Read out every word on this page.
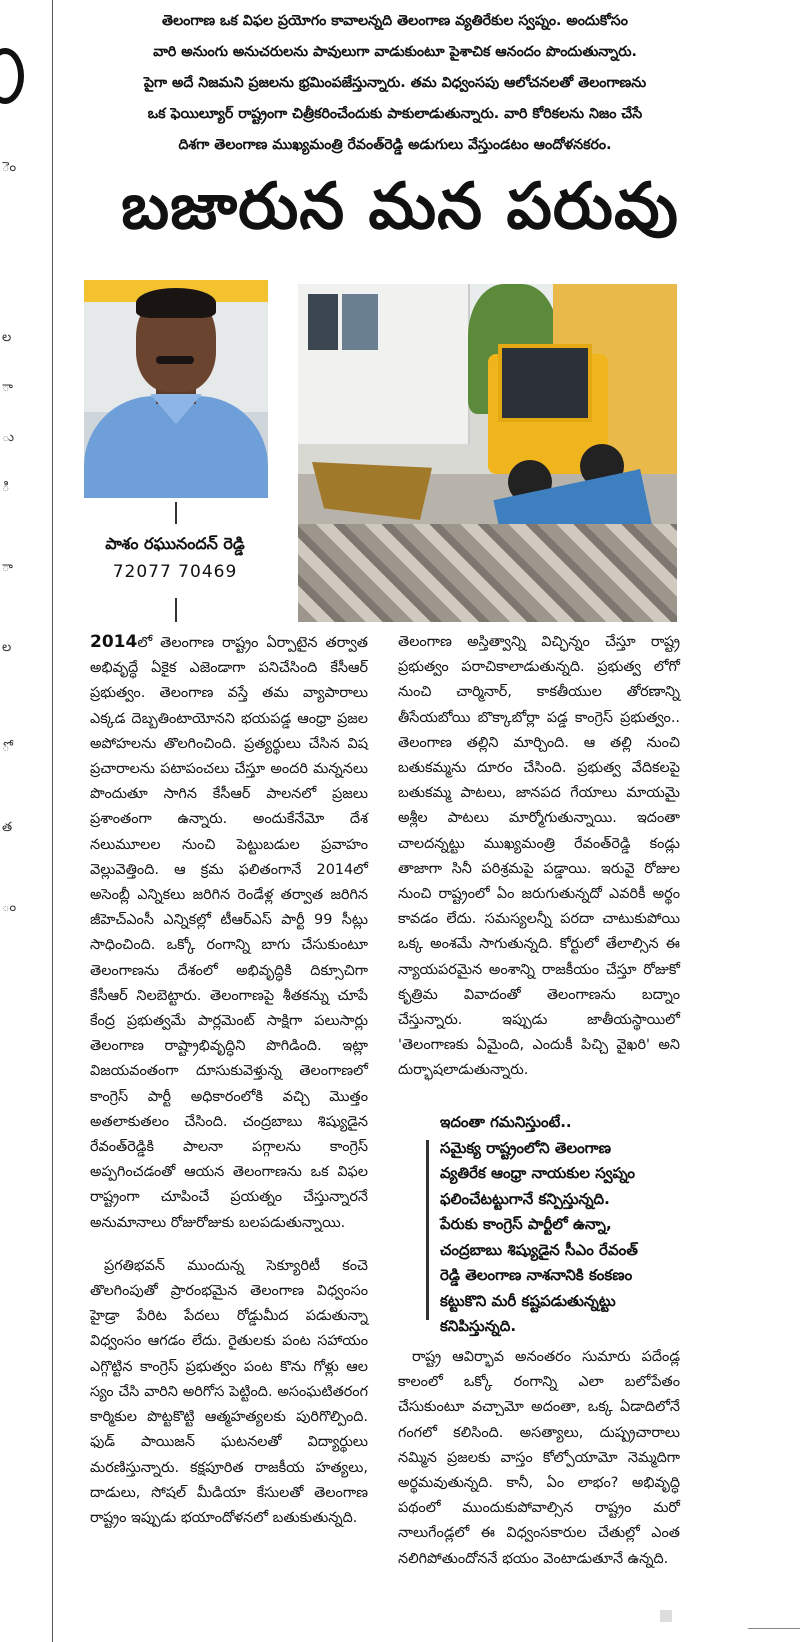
ెం
ల
ా
ు
ి
ా
ల
ో
త
ం
తెలంగాణ ఒక విఫల ప్రయోగం కావాలన్నది తెలంగాణ వ్యతిరేకుల స్వప్నం. అందుకోసం
వారి అనుంగు అనుచరులను పావులుగా వాడుకుంటూ పైశాచిక ఆనందం పొందుతున్నారు.
పైగా అదే నిజమని ప్రజలను భ్రమింపజేస్తున్నారు. తమ విధ్వంసపు ఆలోచనలతో తెలంగాణను
ఒక ఫెయిల్యూర్ రాష్ట్రంగా చిత్రీకరించేందుకు పాకులాడుతున్నారు. వారి కోరికలను నిజం చేసే
దిశగా తెలంగాణ ముఖ్యమంత్రి రేవంత్‌రెడ్డి అడుగులు వేస్తుండటం ఆందోళనకరం.
బజారున మన పరువు
పాశం రఘునందన్ రెడ్డి
72077 70469

2014లో తెలంగాణ రాష్ట్రం ఏర్పాటైన తర్వాత అభివృద్ధే ఏకైక ఎజెండాగా పనిచేసింది కేసీఆర్ ప్రభుత్వం. తెలంగాణ వస్తే తమ వ్యాపారాలు ఎక్కడ దెబ్బతింటాయోనని భయపడ్డ ఆంధ్రా ప్రజల అపోహలను తొలగించింది. ప్రత్యర్థులు చేసిన విష ప్రచారాలను పటాపంచలు చేస్తూ అందరి మన్ననలు పొందుతూ సాగిన కేసీఆర్ పాలనలో ప్రజలు ప్రశాంతంగా ఉన్నారు. అందుకేనేమో దేశ నలుమూలల నుంచి పెట్టుబడుల ప్రవాహం వెల్లువెత్తింది. ఆ క్రమ ఫలితంగానే 2014లో అసెంబ్లీ ఎన్నికలు జరిగిన రెండేళ్ల తర్వాత జరిగిన జీహెచ్ఎంసీ ఎన్నికల్లో టీఆర్ఎస్ పార్టీ 99 సీట్లు సాధించింది. ఒక్కో రంగాన్ని బాగు చేసుకుంటూ తెలంగాణను దేశంలో అభివృద్ధికి దిక్సూచిగా కేసీఆర్ నిలబెట్టారు. తెలంగాణపై శీతకన్ను చూపే కేంద్ర ప్రభుత్వమే పార్లమెంట్ సాక్షిగా పలుసార్లు తెలంగాణ రాష్ట్రాభివృద్ధిని పొగిడింది. ఇట్లా విజయవంతంగా దూసుకువెళ్తున్న తెలంగాణలో కాంగ్రెస్ పార్టీ అధికారంలోకి వచ్చి మొత్తం అతలాకుతలం చేసింది. చంద్రబాబు శిష్యుడైన రేవంత్‌రెడ్డికి పాలనా పగ్గాలను కాంగ్రెస్ అప్పగించడంతో ఆయన తెలంగాణను ఒక విఫల రాష్ట్రంగా చూపించే ప్రయత్నం చేస్తున్నారనే అనుమానాలు రోజురోజుకు బలపడుతున్నాయి.

ప్రగతిభవన్ ముందున్న సెక్యూరిటీ కంచె తొలగింపుతో ప్రారంభమైన తెలంగాణ విధ్వంసం హైడ్రా పేరిట పేదలు రోడ్డుమీద పడుతున్నా విధ్వంసం ఆగడం లేదు. రైతులకు పంట సహాయం ఎగ్గొట్టిన కాంగ్రెస్ ప్రభుత్వం పంట కొను గోళ్లు ఆల స్యం చేసి వారిని అరిగోస పెట్టింది. అసంఘటితరంగ కార్మికుల పొట్టకొట్టి ఆత్మహత్యలకు పురిగొల్పింది. ఫుడ్ పాయిజన్ ఘటనలతో విద్యార్థులు మరణిస్తున్నారు. కక్షపూరిత రాజకీయ హత్యలు, దాడులు, సోషల్ మీడియా కేసులతో తెలంగాణ రాష్ట్రం ఇప్పుడు భయాందోళనలో బతుకుతున్నది.

తెలంగాణ అస్తిత్వాన్ని విచ్ఛిన్నం చేస్తూ రాష్ట్ర ప్రభుత్వం పరాచికాలాడుతున్నది. ప్రభుత్వ లోగో నుంచి చార్మినార్, కాకతీయుల తోరణాన్ని తీసేయబోయి బొక్కాబోర్లా పడ్డ కాంగ్రెస్ ప్రభుత్వం.. తెలంగాణ తల్లిని మార్చింది. ఆ తల్లి నుంచి బతుకమ్మను దూరం చేసింది. ప్రభుత్వ వేదికలపై బతుకమ్మ పాటలు, జానపద గేయాలు మాయమై అశ్లీల పాటలు మార్మోగుతున్నాయి. ఇదంతా చాలదన్నట్టు ముఖ్యమంత్రి రేవంత్‌రెడ్డి కండ్లు తాజాగా సినీ పరిశ్రమపై పడ్డాయి. ఇరువై రోజుల నుంచి రాష్ట్రంలో ఏం జరుగుతున్నదో ఎవరికీ అర్థం కావడం లేదు. సమస్యలన్నీ పరదా చాటుకుపోయి ఒక్క అంశమే సాగుతున్నది. కోర్టులో తేలాల్సిన ఈ న్యాయపరమైన అంశాన్ని రాజకీయం చేస్తూ రోజుకో కృత్రిమ వివాదంతో తెలంగాణను బద్నాం చేస్తున్నారు. ఇప్పుడు జాతీయస్థాయిలో 'తెలంగాణకు ఏమైంది, ఎందుకీ పిచ్చి వైఖరి' అని దుర్భాషలాడుతున్నారు.

ఇదంతా గమనిస్తుంటే..
సమైక్య రాష్ట్రంలోని తెలంగాణ
వ్యతిరేక ఆంధ్రా నాయకుల స్వప్నం
ఫలించేటట్టుగానే కన్పిస్తున్నది.
పేరుకు కాంగ్రెస్ పార్టీలో ఉన్నా,
చంద్రబాబు శిష్యుడైన సీఎం రేవంత్
రెడ్డి తెలంగాణ నాశనానికి కంకణం
కట్టుకొని మరీ కష్టపడుతున్నట్టు
కనిపిస్తున్నది.

రాష్ట్ర ఆవిర్భావ అనంతరం సుమారు పదేండ్ల కాలంలో ఒక్కో రంగాన్ని ఎలా బలోపేతం చేసుకుంటూ వచ్చామో అదంతా, ఒక్క ఏడాదిలోనే గంగలో కలిసింది. అసత్యాలు, దుష్ప్రచారాలు నమ్మిన ప్రజలకు వాస్తం కోల్పోయామో నెమ్మదిగా అర్థమవుతున్నది. కానీ, ఏం లాభం? అభివృద్ధి పథంలో ముందుకుపోవాల్సిన రాష్ట్రం మరో నాలుగేండ్లలో ఈ విధ్వంసకారుల చేతుల్లో ఎంత నలిగిపోతుందోననే భయం వెంటాడుతూనే ఉన్నది.
